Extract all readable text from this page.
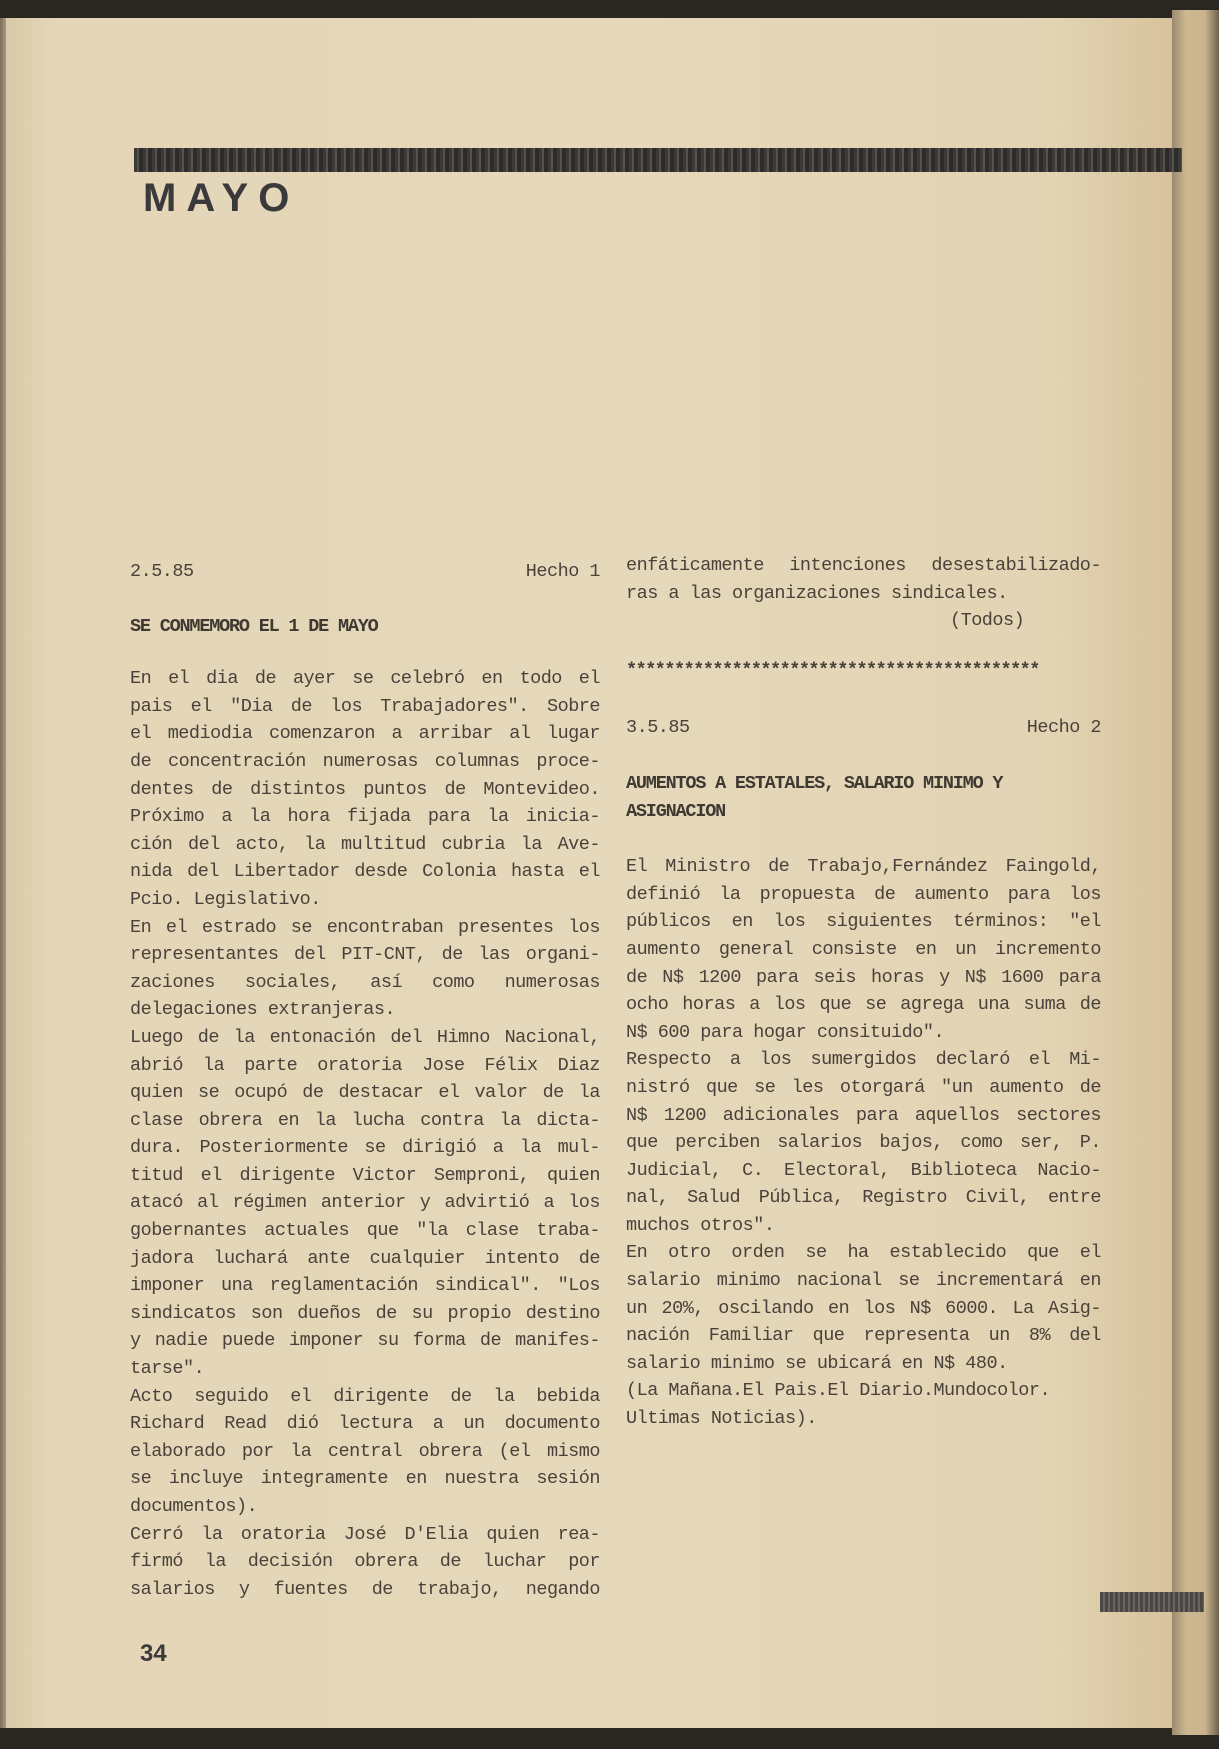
MAYO
2.5.85	Hecho 1
SE CONMEMORO EL 1 DE MAYO
En el dia de ayer se celebró en todo el
pais el "Dia de los Trabajadores". Sobre
el mediodia comenzaron a arribar al lugar
de concentración numerosas columnas proce-
dentes de distintos puntos de Montevideo.
Próximo a la hora fijada para la inicia-
ción del acto, la multitud cubria la Ave-
nida del Libertador desde Colonia hasta el
Pcio. Legislativo.
En el estrado se encontraban presentes los
representantes del PIT-CNT, de las organi-
zaciones sociales, así como numerosas
delegaciones extranjeras.
Luego de la entonación del Himno Nacional,
abrió la parte oratoria Jose Félix Diaz
quien se ocupó de destacar el valor de la
clase obrera en la lucha contra la dicta-
dura. Posteriormente se dirigió a la mul-
titud el dirigente Victor Semproni, quien
atacó al régimen anterior y advirtió a los
gobernantes actuales que "la clase traba-
jadora luchará ante cualquier intento de
imponer una reglamentación sindical". "Los
sindicatos son dueños de su propio destino
y nadie puede imponer su forma de manifes-
tarse".
Acto seguido el dirigente de la bebida
Richard Read dió lectura a un documento
elaborado por la central obrera (el mismo
se incluye integramente en nuestra sesión
documentos).
Cerró la oratoria José D'Elia quien rea-
firmó la decisión obrera de luchar por
salarios y fuentes de trabajo, negando
enfáticamente intenciones desestabilizado-
ras a las organizaciones sindicales.
(Todos)
*******************************************
3.5.85	Hecho 2
AUMENTOS A ESTATALES, SALARIO MINIMO Y
ASIGNACION
El Ministro de Trabajo,Fernández Faingold,
definió la propuesta de aumento para los
públicos en los siguientes términos: "el
aumento general consiste en un incremento
de N$ 1200 para seis horas y N$ 1600 para
ocho horas a los que se agrega una suma de
N$ 600 para hogar consituido".
Respecto a los sumergidos declaró el Mi-
nistró que se les otorgará "un aumento de
N$ 1200 adicionales para aquellos sectores
que perciben salarios bajos, como ser, P.
Judicial, C. Electoral, Biblioteca Nacio-
nal, Salud Pública, Registro Civil, entre
muchos otros".
En otro orden se ha establecido que el
salario minimo nacional se incrementará en
un 20%, oscilando en los N$ 6000. La Asig-
nación Familiar que representa un 8% del
salario minimo se ubicará en N$ 480.
(La Mañana.El Pais.El Diario.Mundocolor.
Ultimas Noticias).
34
